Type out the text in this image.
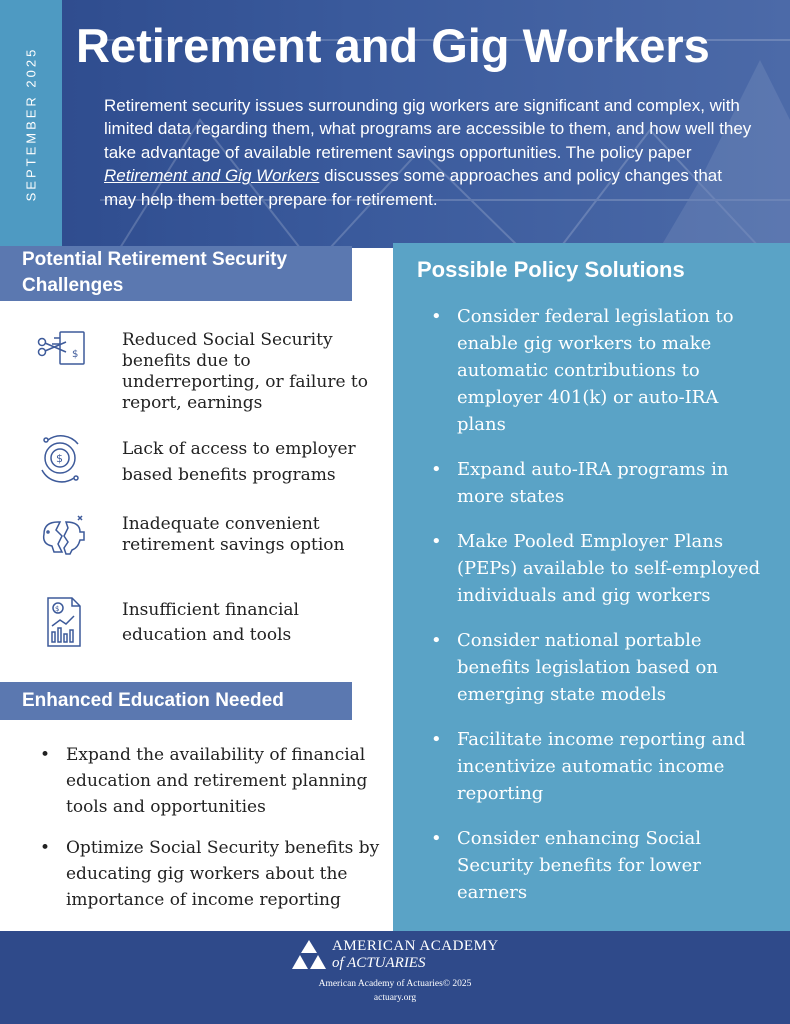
SEPTEMBER 2025
Retirement and Gig Workers

Retirement security issues surrounding gig workers are significant and complex, with limited data regarding them, what programs are accessible to them, and how well they take advantage of available retirement savings opportunities. The policy paper Retirement and Gig Workers discusses some approaches and policy changes that may help them better prepare for retirement.

Potential Retirement Security Challenges
$
Reduced Social Security benefits due to underreporting, or failure to report, earnings
$	Lack of access to employer based benefits programs
Inadequate convenient retirement savings option
$	Insufficient financial education and tools
Enhanced Education Needed
• Expand the availability of financial education and retirement planning tools and opportunities
• Optimize Social Security benefits by educating gig workers about the importance of income reporting
Possible Policy Solutions
• Consider federal legislation to enable gig workers to make automatic contributions to employer 401(k) or auto-IRA plans
• Expand auto-IRA programs in more states
• Make Pooled Employer Plans (PEPs) available to self-employed individuals and gig workers
• Consider national portable benefits legislation based on emerging state models
• Facilitate income reporting and incentivize automatic income reporting
• Consider enhancing Social Security benefits for lower earners
AMERICAN ACADEMY
of ACTUARIES
American Academy of Actuaries© 2025
actuary.org
